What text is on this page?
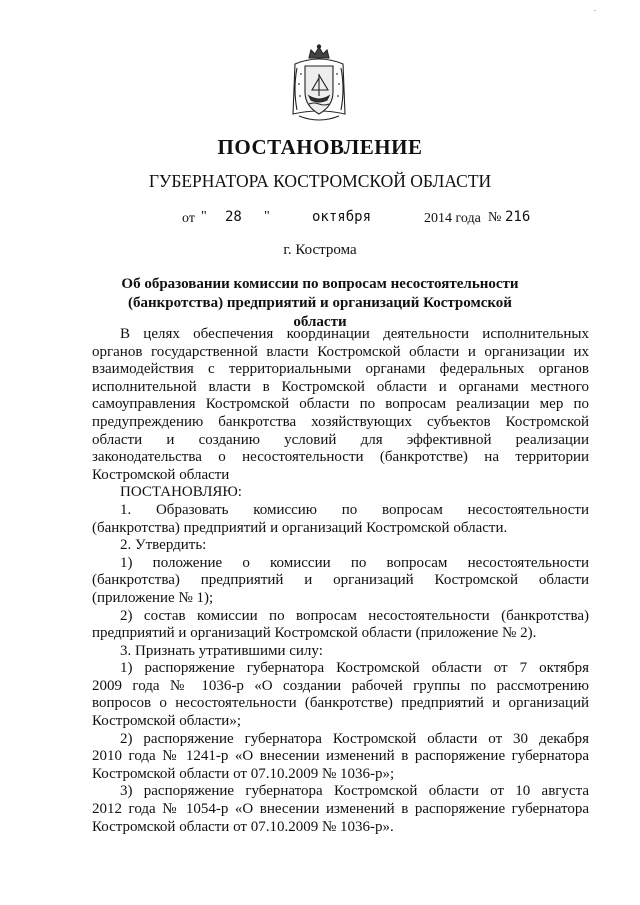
.
ПОСТАНОВЛЕНИЕ
ГУБЕРНАТОРА КОСТРОМСКОЙ ОБЛАСТИ
от " 28 "	октября	2014 года № 216
г. Кострома
Об образовании комиссии по вопросам несостоятельности
(банкротства) предприятий и организаций Костромской области

В целях обеспечения координации деятельности исполнительных

органов государственной власти Костромской области и организации их

взаимодействия с территориальными органами федеральных органов

исполнительной власти в Костромской области и органами местного

самоуправления Костромской области по вопросам реализации мер по

предупреждению банкротства хозяйствующих субъектов Костромской

области и созданию условий для эффективной реализации

законодательства о несостоятельности (банкротстве) на территории

Костромской области

ПОСТАНОВЛЯЮ:

1. Образовать комиссию по вопросам несостоятельности

(банкротства) предприятий и организаций Костромской области.

2. Утвердить:

1) положение о комиссии по вопросам несостоятельности

(банкротства) предприятий и организаций Костромской области

(приложение № 1);

2) состав комиссии по вопросам несостоятельности (банкротства)

предприятий и организаций Костромской области (приложение № 2).

3. Признать утратившими силу:

1) распоряжение губернатора Костромской области от 7 октября

2009 года № 1036-р «О создании рабочей группы по рассмотрению

вопросов о несостоятельности (банкротстве) предприятий и организаций

Костромской области»;

2) распоряжение губернатора Костромской области от 30 декабря

2010 года № 1241-р «О внесении изменений в распоряжение губернатора

Костромской области от 07.10.2009 № 1036-р»;

3) распоряжение губернатора Костромской области от 10 августа

2012 года № 1054-р «О внесении изменений в распоряжение губернатора

Костромской области от 07.10.2009 № 1036-р».
